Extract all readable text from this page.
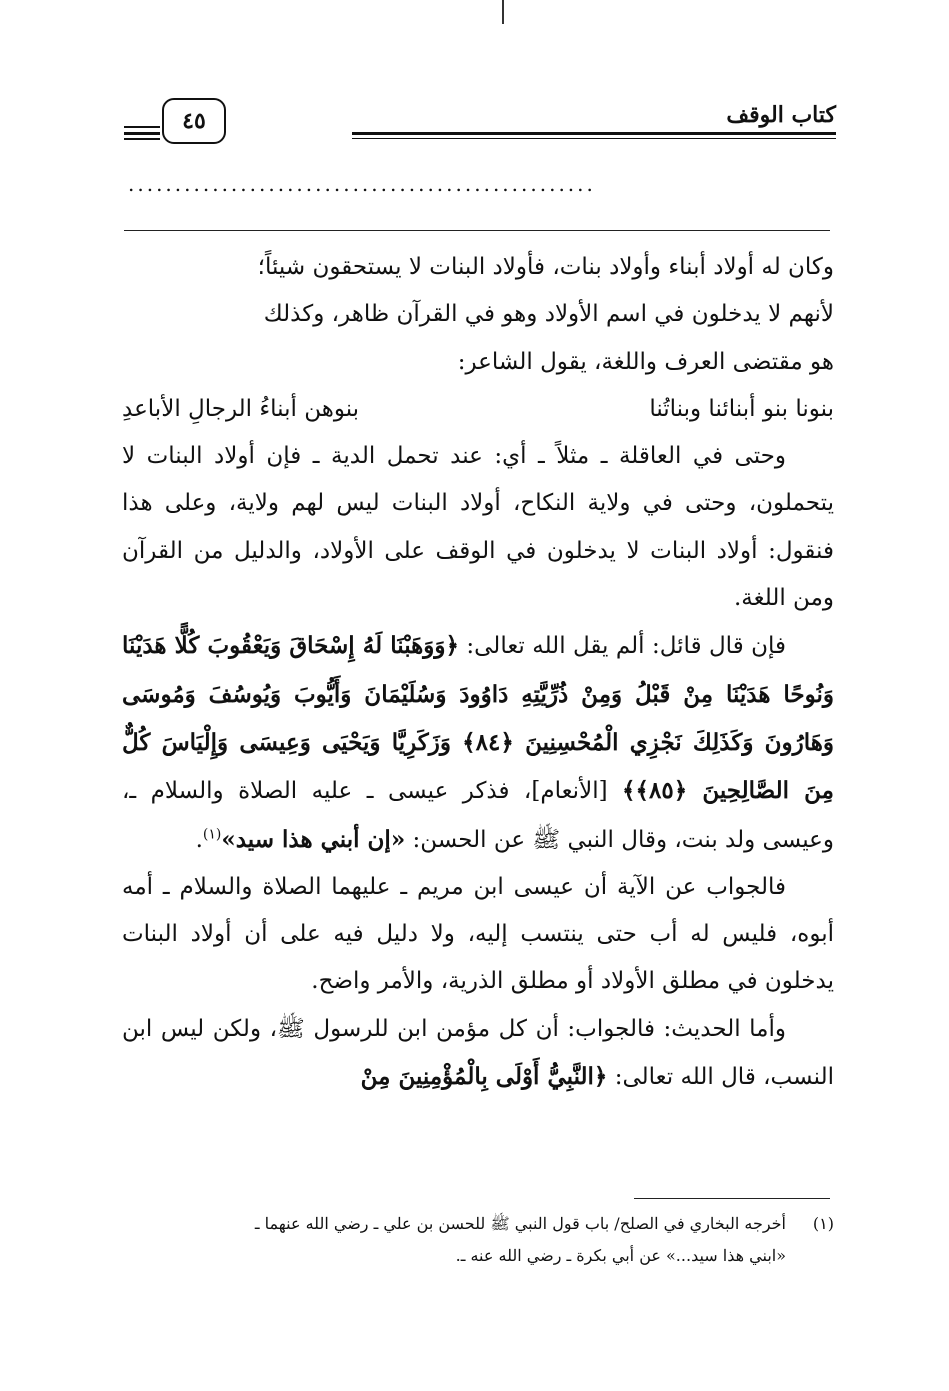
كتاب الوقف
٤٥
..................................................

وكان له أولاد أبناء وأولاد بنات، فأولاد البنات لا يستحقون شيئاً؛

لأنهم لا يدخلون في اسم الأولاد وهو في القرآن ظاهر، وكذلك

هو مقتضى العرف واللغة، يقول الشاعر:

بنونا بنو أبنائنا وبناتُنا
بنوهن أبناءُ الرجالِ الأباعدِ

وحتى في العاقلة ـ مثلاً ـ أي: عند تحمل الدية ـ فإن أولاد البنات لا يتحملون، وحتى في ولاية النكاح، أولاد البنات ليس لهم ولاية، وعلى هذا فنقول: أولاد البنات لا يدخلون في الوقف على الأولاد، والدليل من القرآن ومن اللغة.

فإن قال قائل: ألم يقل الله تعالى: ﴿وَوَهَبْنَا لَهُ إِسْحَاقَ وَيَعْقُوبَ كُلًّا هَدَيْنَا وَنُوحًا هَدَيْنَا مِنْ قَبْلُ وَمِنْ ذُرِّيَّتِهِ دَاوُودَ وَسُلَيْمَانَ وَأَيُّوبَ وَيُوسُفَ وَمُوسَى وَهَارُونَ وَكَذَلِكَ نَجْزِي الْمُحْسِنِينَ ﴿٨٤﴾ وَزَكَرِيَّا وَيَحْيَى وَعِيسَى وَإِلْيَاسَ كُلٌّ مِنَ الصَّالِحِينَ ﴿٨٥﴾﴾ [الأنعام]، فذكر عيسى ـ عليه الصلاة والسلام ـ، وعيسى ولد بنت، وقال النبي ﷺ عن الحسن: «إن أبني هذا سيد»$^{(١)}$.

فالجواب عن الآية أن عيسى ابن مريم ـ عليهما الصلاة والسلام ـ أمه أبوه، فليس له أب حتى ينتسب إليه، ولا دليل فيه على أن أولاد البنات يدخلون في مطلق الأولاد أو مطلق الذرية، والأمر واضح.

وأما الحديث: فالجواب: أن كل مؤمن ابن للرسول ﷺ، ولكن ليس ابن النسب، قال الله تعالى: ﴿النَّبِيُّ أَوْلَى بِالْمُؤْمِنِينَ مِنْ

(١)أخرجه البخاري في الصلح/ باب قول النبي ﷺ للحسن بن علي ـ رضي الله عنهما ـ

«ابني هذا سيد...» عن أبي بكرة ـ رضي الله عنه ـ.
